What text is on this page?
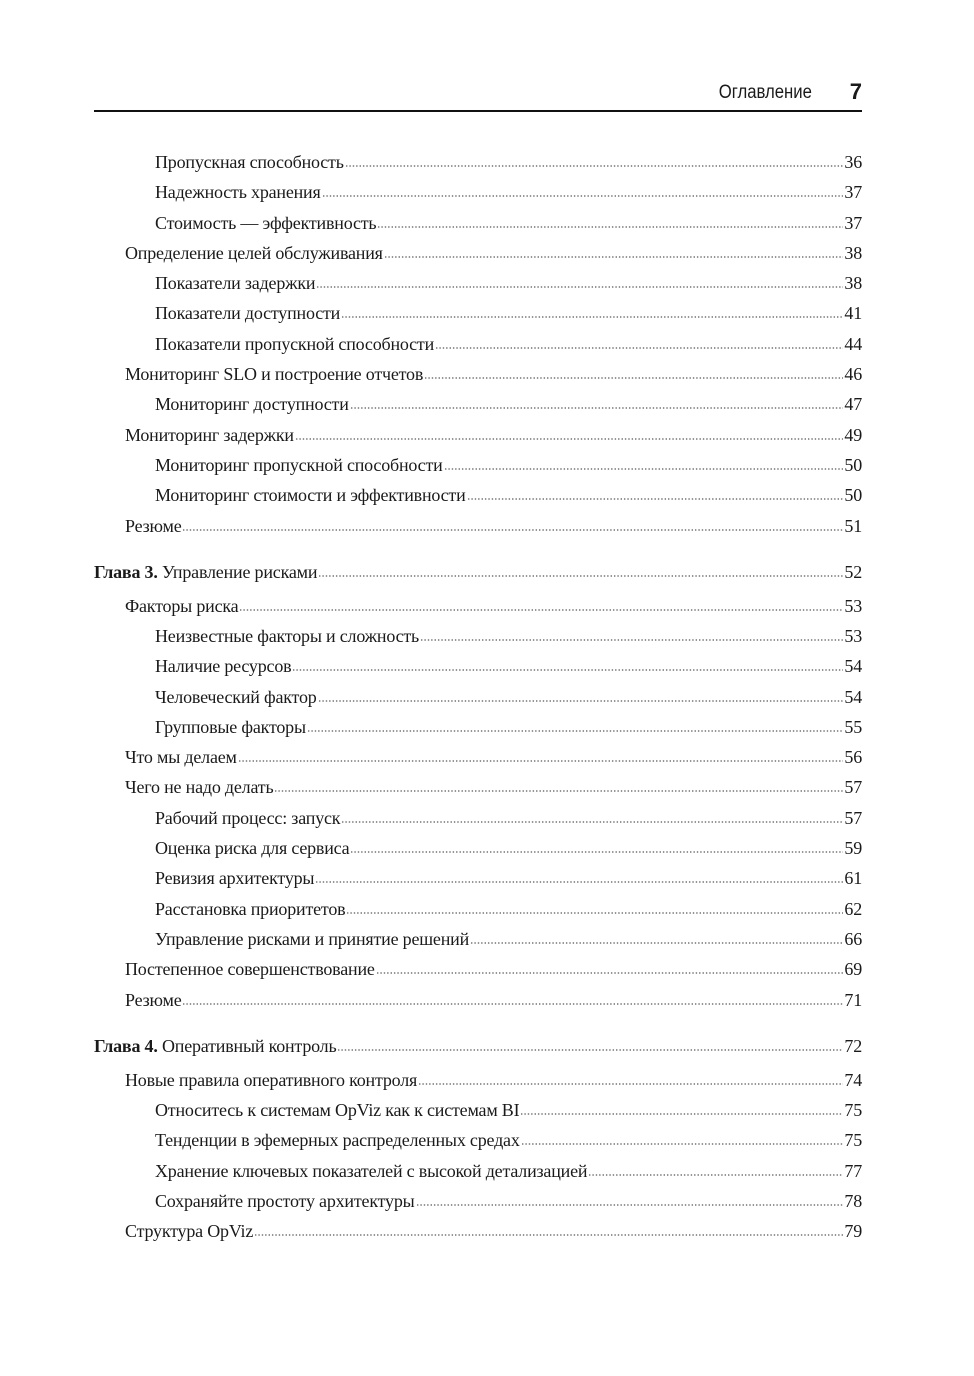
Оглавление 7
Пропускная способность	36
Надежность хранения	37
Стоимость — эффективность	37
Определение целей обслуживания	38
Показатели задержки	38
Показатели доступности	41
Показатели пропускной способности	44
Мониторинг SLO и построение отчетов	46
Мониторинг доступности	47
Мониторинг задержки	49
Мониторинг пропускной способности	50
Мониторинг стоимости и эффективности	50
Резюме	51
Глава 3. Управление рисками	52
Факторы риска	53
Неизвестные факторы и сложность	53
Наличие ресурсов	54
Человеческий фактор	54
Групповые факторы	55
Что мы делаем	56
Чего не надо делать	57
Рабочий процесс: запуск	57
Оценка риска для сервиса	59
Ревизия архитектуры	61
Расстановка приоритетов	62
Управление рисками и принятие решений	66
Постепенное совершенствование	69
Резюме	71
Глава 4. Оперативный контроль	72
Новые правила оперативного контроля	74
Относитесь к системам OpViz как к системам BI	75
Тенденции в эфемерных распределенных средах	75
Хранение ключевых показателей с высокой детализацией	77
Сохраняйте простоту архитектуры	78
Структура OpViz	79
